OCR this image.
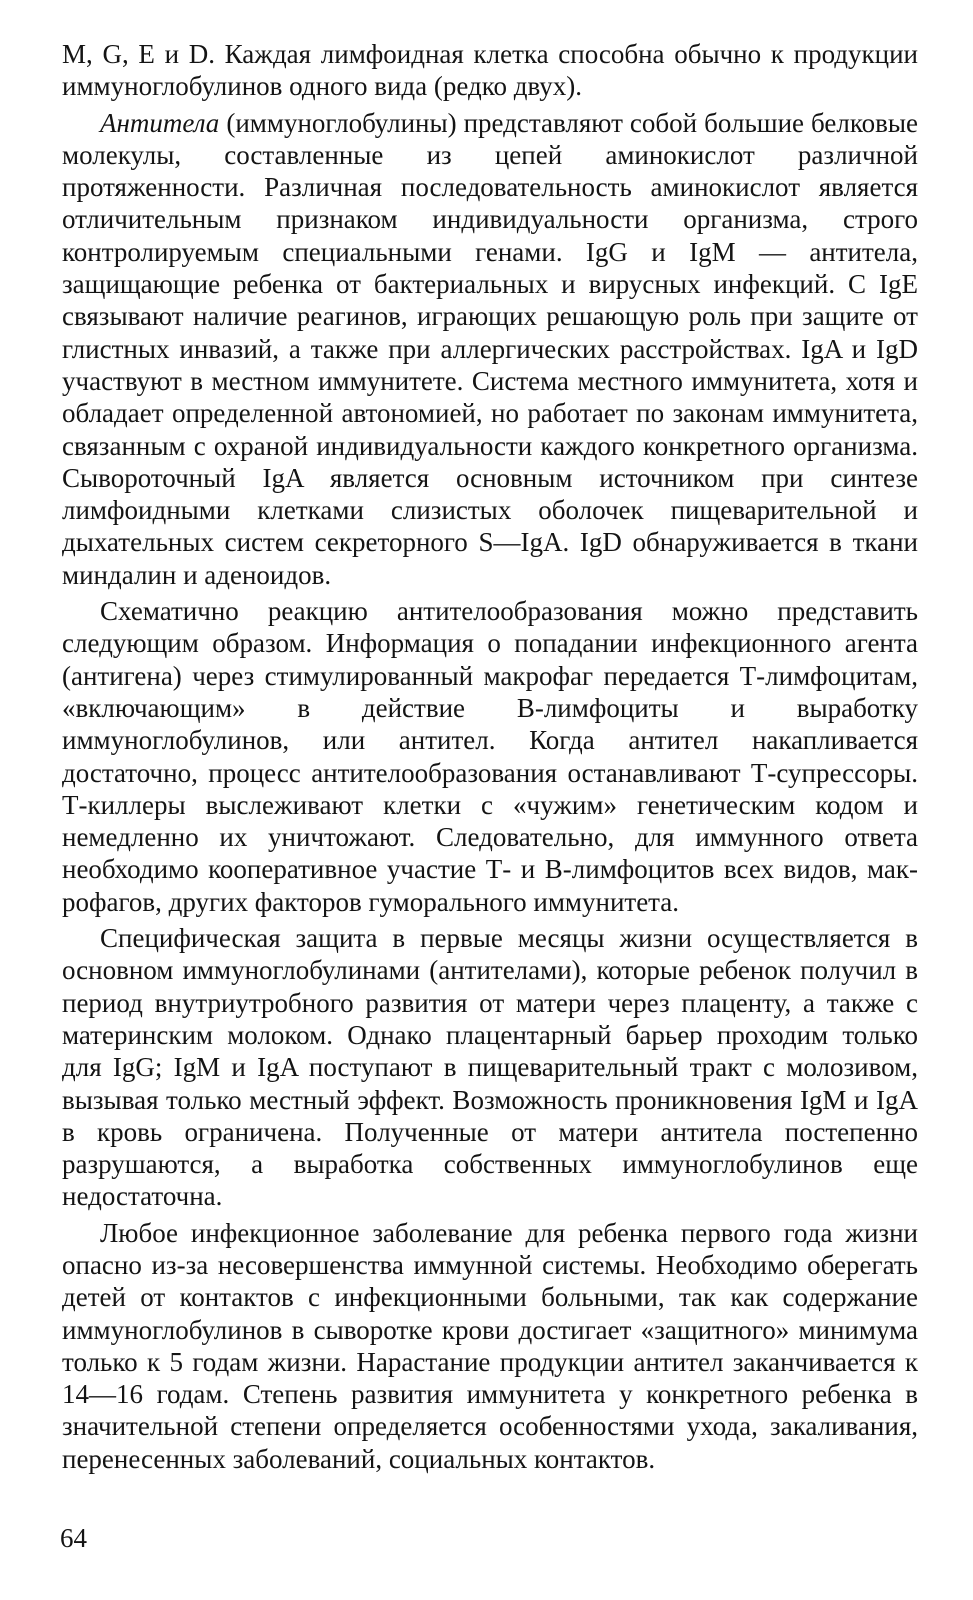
M, G, E и D. Каждая лимфоидная клетка способна обычно к продукции иммуноглобулинов одного вида (редко двух).

Антитела (иммуноглобулины) представляют собой большие белковые молекулы, составленные из цепей аминокислот различной протяженности. Различная последовательность аминокислот является отличительным признаком индивидуальности организма, строго контролируемым специальными генами. IgG и IgM — антитела, защищающие ребенка от бактериальных и вирусных инфекций. С IgE связывают наличие реагинов, играющих решающую роль при защите от глистных инвазий, а также при аллергических расстройствах. IgA и IgD участвуют в местном иммунитете. Система местного иммунитета, хотя и обладает определенной автономией, но работает по законам иммунитета, связанным с охраной индивидуальности каждого конкретного организма. Сывороточный IgA является основным источником при синтезе лимфоидными клетками слизистых оболочек пищеварительной и дыхательных систем секреторного S—IgA. IgD обнаруживается в ткани миндалин и аденоидов.

Схематично реакцию антителообразования можно представить следующим образом. Информация о попадании инфекционного агента (антигена) через стимулированный макрофаг передается Т-лимфоцитам, «включающим» в действие В-лимфоциты и выработку иммуноглобулинов, или антител. Когда антител накапливается достаточно, процесс антителообразования останавливают Т-супрессоры. Т-киллеры выслеживают клетки с «чужим» генетическим кодом и немедленно их уничтожают. Следовательно, для иммунного ответа необходимо кооперативное участие Т- и В-лимфоцитов всех видов, макрофагов, других факторов гуморального иммунитета.

Специфическая защита в первые месяцы жизни осуществляется в основном иммуноглобулинами (антителами), которые ребенок получил в период внутриутробного развития от матери через плаценту, а также с материнским молоком. Однако плацентарный барьер проходим только для IgG; IgM и IgA поступают в пищеварительный тракт с молозивом, вызывая только местный эффект. Возможность проникновения IgM и IgA в кровь ограничена. Полученные от матери антитела постепенно разрушаются, а выработка собственных иммуноглобулинов еще недостаточна.

Любое инфекционное заболевание для ребенка первого года жизни опасно из-за несовершенства иммунной системы. Необходимо оберегать детей от контактов с инфекционными больными, так как содержание иммуноглобулинов в сыворотке крови достигает «защитного» минимума только к 5 годам жизни. Нарастание продукции антител заканчивается к 14—16 годам. Степень развития иммунитета у конкретного ребенка в значительной степени определяется особенностями ухода, закаливания, перенесенных заболеваний, социальных контактов.

64
